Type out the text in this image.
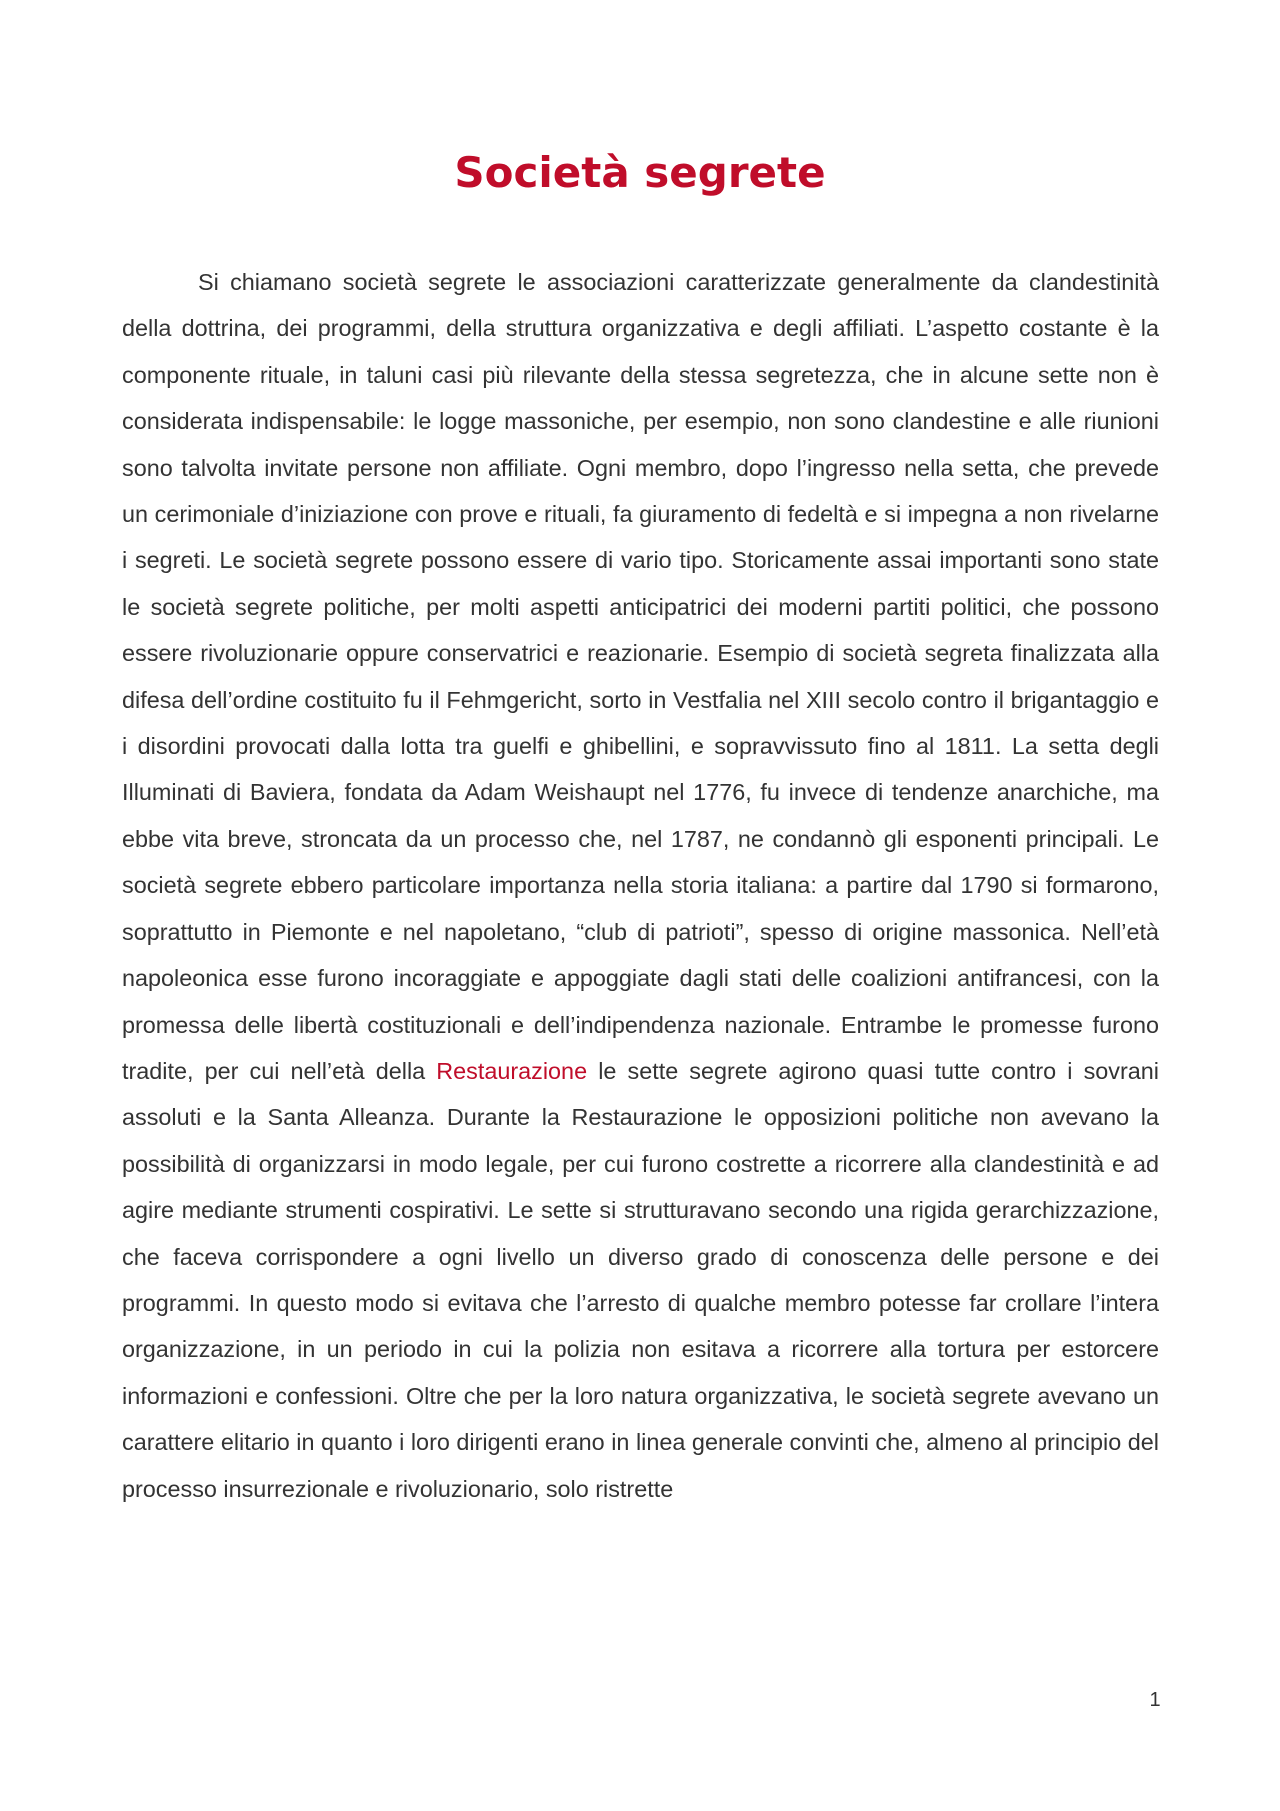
Società segrete

Si chiamano società segrete le associazioni caratterizzate generalmente da clandestinità della dottrina, dei programmi, della struttura organizzativa e degli affiliati. L’aspetto costante è la componente rituale, in taluni casi più rilevante della stessa segretezza, che in alcune sette non è considerata indispensabile: le logge massoniche, per esempio, non sono clandestine e alle riunioni sono talvolta invitate persone non affiliate. Ogni membro, dopo l’ingresso nella setta, che prevede un cerimoniale d’iniziazione con prove e rituali, fa giuramento di fedeltà e si impegna a non rivelarne i segreti. Le società segrete possono essere di vario tipo. Storicamente assai importanti sono state le società segrete politiche, per molti aspetti anticipatrici dei moderni partiti politici, che possono essere rivoluzionarie oppure conservatrici e reazionarie. Esempio di società segreta finalizzata alla difesa dell’ordine costituito fu il Fehmgericht, sorto in Vestfalia nel XIII secolo contro il brigantaggio e i disordini provocati dalla lotta tra guelfi e ghibellini, e sopravvissuto fino al 1811. La setta degli Illuminati di Baviera, fondata da Adam Weishaupt nel 1776, fu invece di tendenze anarchiche, ma ebbe vita breve, stroncata da un processo che, nel 1787, ne condannò gli esponenti principali. Le società segrete ebbero particolare importanza nella storia italiana: a partire dal 1790 si formarono, soprattutto in Piemonte e nel napoletano, “club di patrioti”, spesso di origine massonica. Nell’età napoleonica esse furono incoraggiate e appoggiate dagli stati delle coalizioni antifrancesi, con la promessa delle libertà costituzionali e dell’indipendenza nazionale. Entrambe le promesse furono tradite, per cui nell’età della Restaurazione le sette segrete agirono quasi tutte contro i sovrani assoluti e la Santa Alleanza. Durante la Restaurazione le opposizioni politiche non avevano la possibilità di organizzarsi in modo legale, per cui furono costrette a ricorrere alla clandestinità e ad agire mediante strumenti cospirativi. Le sette si strutturavano secondo una rigida gerarchizzazione, che faceva corrispondere a ogni livello un diverso grado di conoscenza delle persone e dei programmi. In questo modo si evitava che l’arresto di qualche membro potesse far crollare l’intera organizzazione, in un periodo in cui la polizia non esitava a ricorrere alla tortura per estorcere informazioni e confessioni. Oltre che per la loro natura organizzativa, le società segrete avevano un carattere elitario in quanto i loro dirigenti erano in linea generale convinti che, almeno al principio del processo insurrezionale e rivoluzionario, solo ristrette

1
